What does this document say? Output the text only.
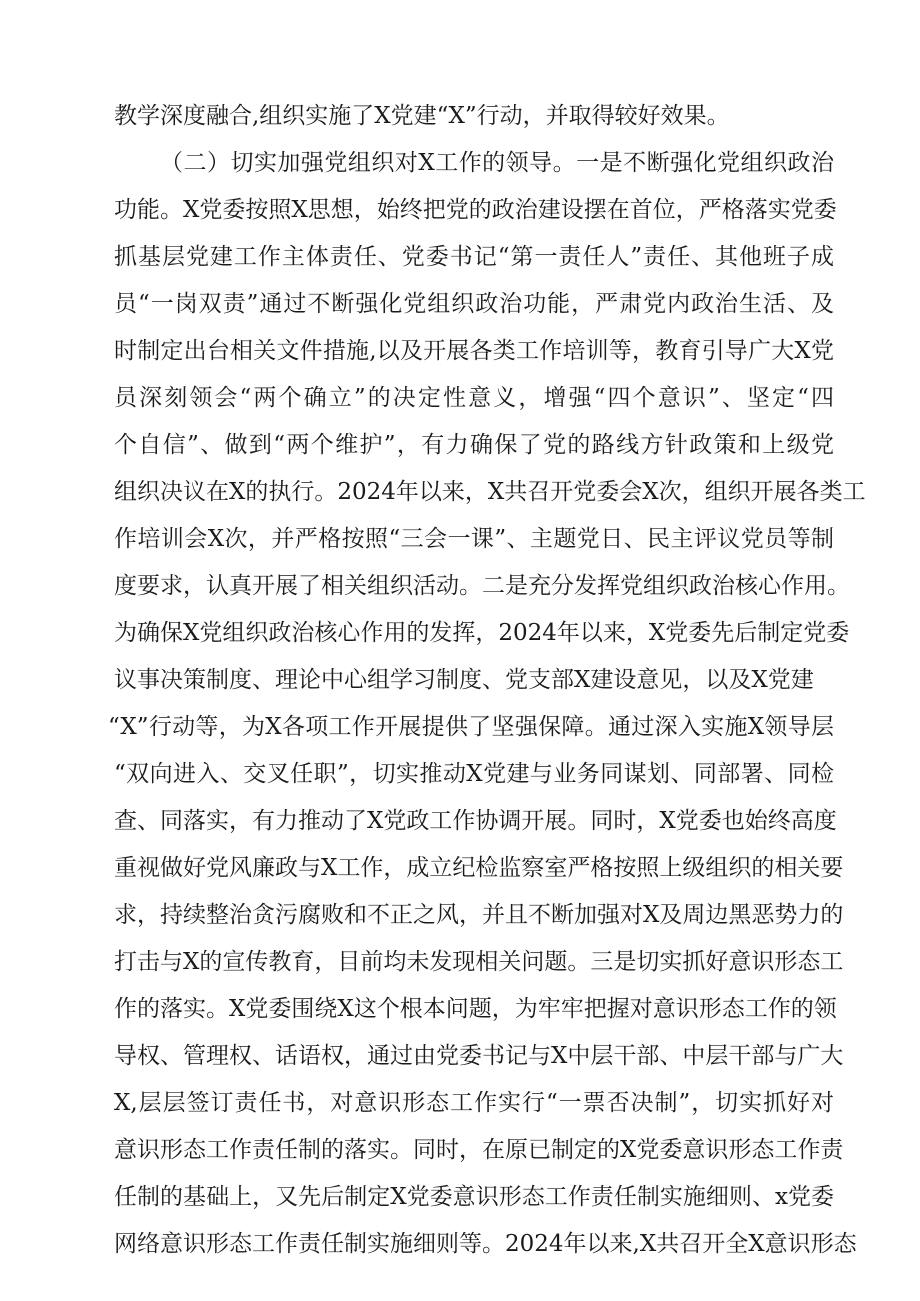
教学深度融合,组织实施了X党建“X”行动，并取得较好效果。
（二）切实加强党组织对X工作的领导。一是不断强化党组织政治
功能。X党委按照X思想，始终把党的政治建设摆在首位，严格落实党委
抓基层党建工作主体责任、党委书记“第一责任人”责任、其他班子成
员“一岗双责”通过不断强化党组织政治功能，严肃党内政治生活、及
时制定出台相关文件措施,以及开展各类工作培训等，教育引导广大X党
员深刻领会“两个确立”的决定性意义，增强“四个意识”、坚定“四
个自信”、做到“两个维护”，有力确保了党的路线方针政策和上级党
组织决议在X的执行。2024年以来，X共召开党委会X次，组织开展各类工
作培训会X次，并严格按照“三会一课”、主题党日、民主评议党员等制
度要求，认真开展了相关组织活动。二是充分发挥党组织政治核心作用。
为确保X党组织政治核心作用的发挥，2024年以来，X党委先后制定党委
议事决策制度、理论中心组学习制度、党支部X建设意见，以及X党建
“X”行动等，为X各项工作开展提供了坚强保障。通过深入实施X领导层
“双向进入、交叉任职”，切实推动X党建与业务同谋划、同部署、同检
查、同落实，有力推动了X党政工作协调开展。同时，X党委也始终高度
重视做好党风廉政与X工作，成立纪检监察室严格按照上级组织的相关要
求，持续整治贪污腐败和不正之风，并且不断加强对X及周边黑恶势力的
打击与X的宣传教育，目前均未发现相关问题。三是切实抓好意识形态工
作的落实。X党委围绕X这个根本问题，为牢牢把握对意识形态工作的领
导权、管理权、话语权，通过由党委书记与X中层干部、中层干部与广大
X,层层签订责任书，对意识形态工作实行“一票否决制”，切实抓好对
意识形态工作责任制的落实。同时，在原已制定的X党委意识形态工作责
任制的基础上，又先后制定X党委意识形态工作责任制实施细则、x党委
网络意识形态工作责任制实施细则等。2024年以来,X共召开全X意识形态
